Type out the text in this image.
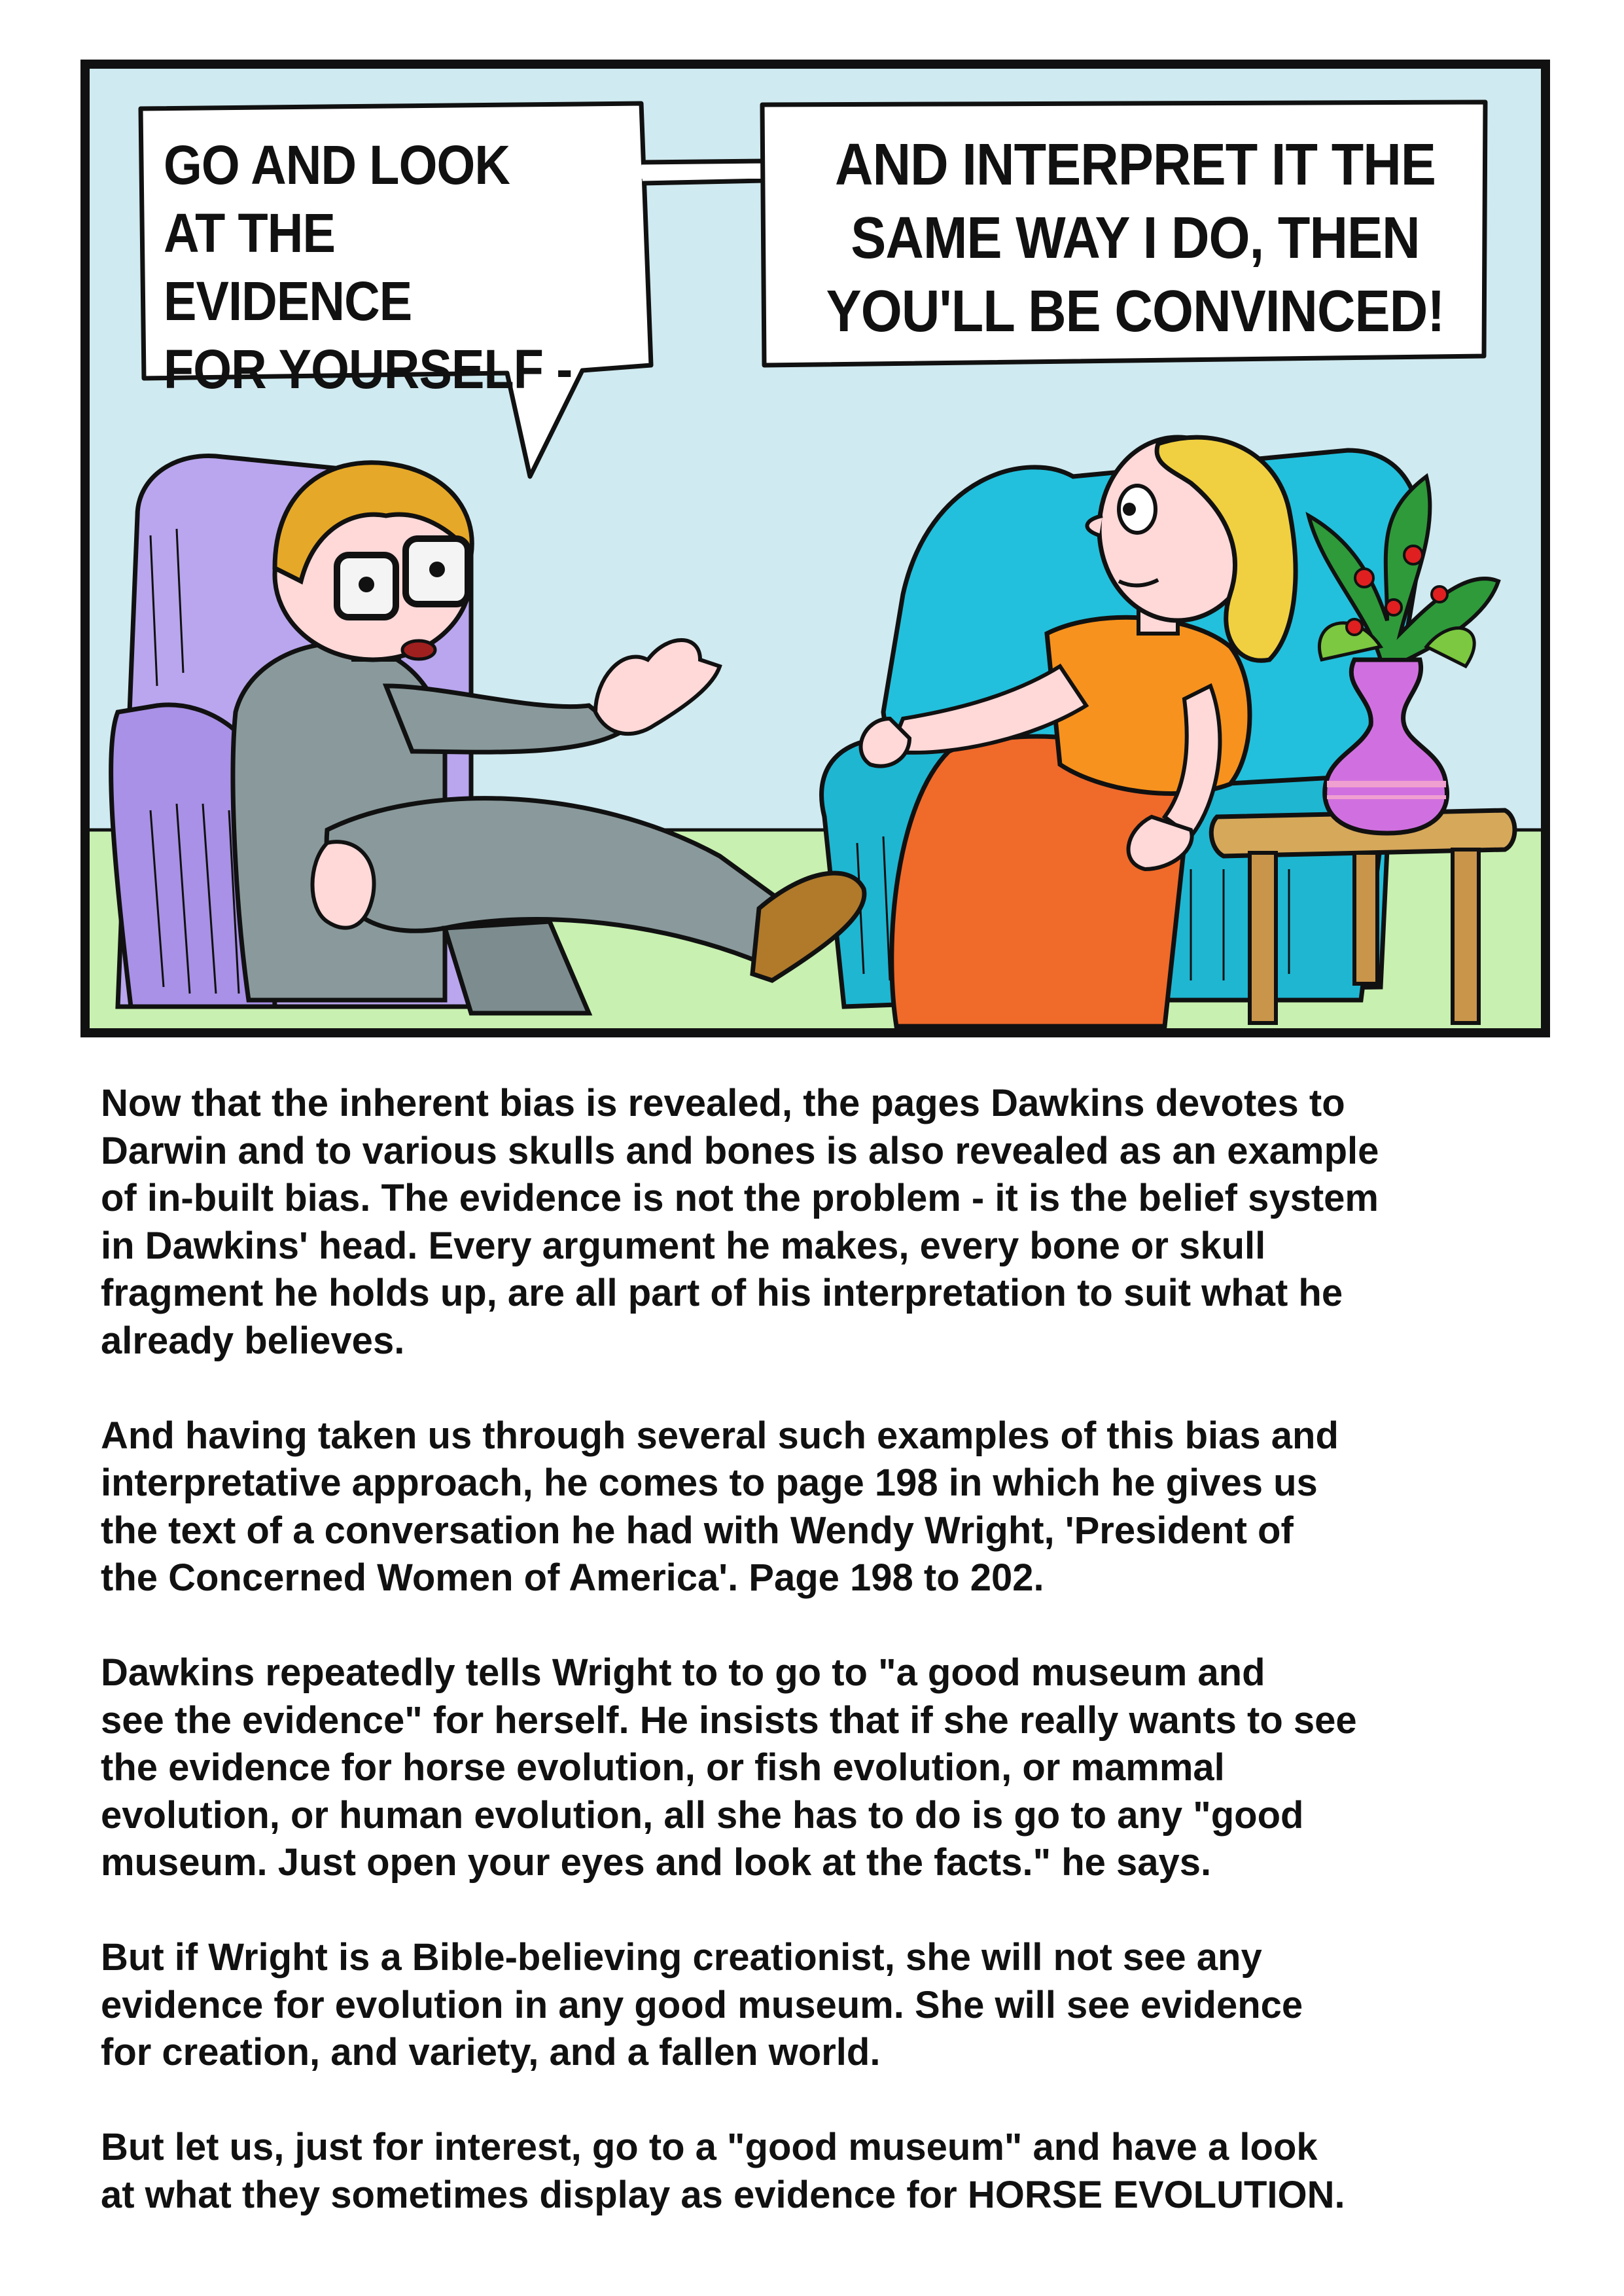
GO AND LOOK
AT THE EVIDENCE
FOR YOURSELF -
AND INTERPRET IT THE
SAME WAY I DO, THEN
YOU'LL BE CONVINCED!

Now that the inherent bias is revealed, the pages Dawkins devotes to
Darwin and to various skulls and bones is also revealed as an example
of in-built bias. The evidence is not the problem - it is the belief system
in Dawkins' head. Every argument he makes, every bone or skull
fragment he holds up, are all part of his interpretation to suit what he
already believes.

And having taken us through several such examples of this bias and
interpretative approach, he comes to page 198 in which he gives us
the text of a conversation he had with Wendy Wright, 'President of
the Concerned Women of America'. Page 198 to 202.

Dawkins repeatedly tells Wright to to go to "a good museum and
see the evidence" for herself. He insists that if she really wants to see
the evidence for horse evolution, or fish evolution, or mammal
evolution, or human evolution, all she has to do is go to any "good
museum. Just open your eyes and look at the facts." he says.

But if Wright is a Bible-believing creationist, she will not see any
evidence for evolution in any good museum. She will see evidence
for creation, and variety, and a fallen world.

But let us, just for interest, go to a "good museum" and have a look
at what they sometimes display as evidence for HORSE EVOLUTION.
